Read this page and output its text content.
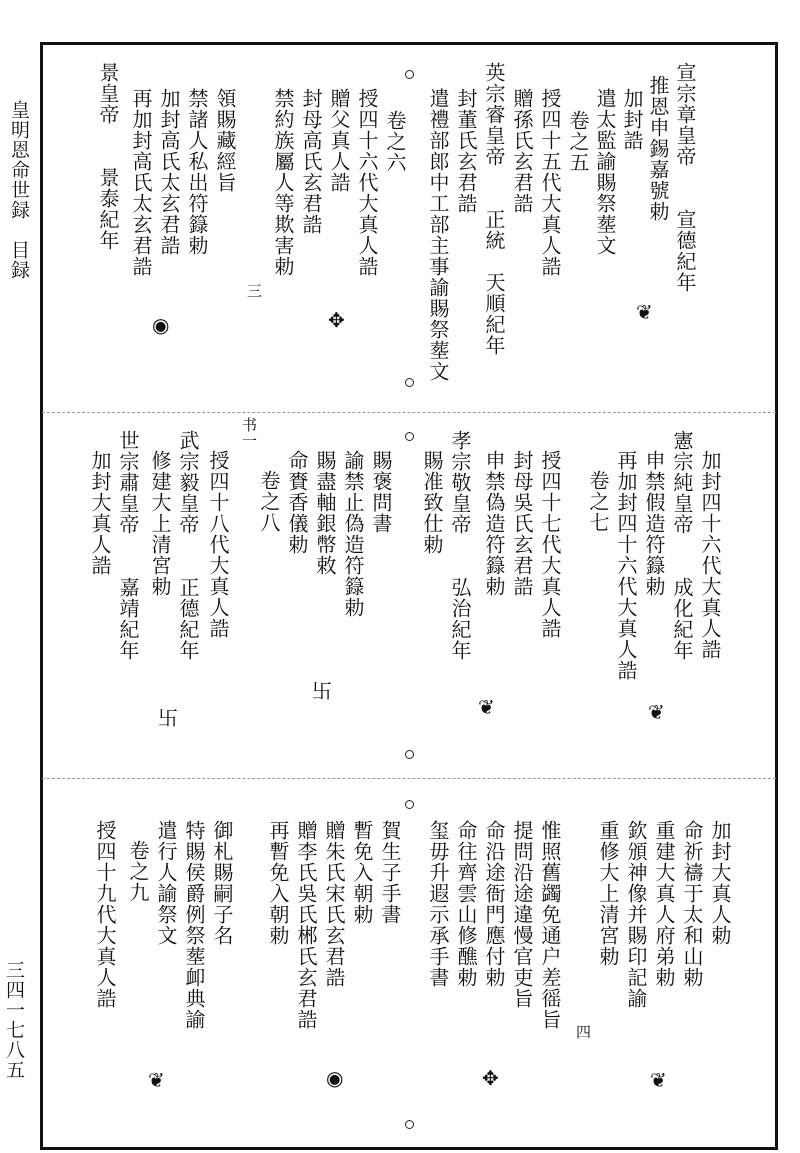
皇明恩命世録　目録
三四一七八五
宣宗章皇帝　　宣德紀年
推恩申錫嘉號勅
加封誥
遣太監諭賜祭塟文
卷之五
授四十五代大真人誥
贈孫氏玄君誥
英宗睿皇帝　　正統　天順紀年
封董氏玄君誥
遣禮部郎中工部主事諭賜祭塟文
卷之六
授四十六代大真人誥
贈父真人誥
封母高氏玄君誥
禁約族屬人等欺害勅
領賜藏經旨
禁諸人私出符籙勅
加封高氏太玄君誥
再加封高氏太玄君誥
景皇帝　　景泰紀年
三
❦
✥
◉
加封四十六代大真人誥
憲宗純皇帝　　成化紀年
申禁假造符籙勅
再加封四十六代大真人誥
卷之七
授四十七代大真人誥
封母吳氏玄君誥
申禁偽造符籙勅
孝宗敬皇帝　　弘治紀年
賜准致仕勅
賜褒問書
諭禁止偽造符籙勅
賜盡軸銀幣敕
命賚香儀勅
卷之八
授四十八代大真人誥
武宗毅皇帝　　正德紀年
修建大上清宮勅
世宗肅皇帝　　嘉靖紀年
加封大真人誥
书一
❦
❦
卐
卐
加封大真人勅
命祈禱于太和山勅
重建大真人府弟勅
欽頒神像并賜印記諭
重修大上清宮勅
惟照舊蠲免通户差徭旨
提問沿途違慢官吏旨
命沿途衙門應付勅
命往齊雲山修醮勅
玺毋升遐示承手書
賀生子手書
暫免入朝勅
贈朱氏宋氏玄君誥
贈李氏吳氏郴氏玄君誥
再暫免入朝勅
御札賜嗣子名
特賜侯爵例祭塟卹典諭
遣行人諭祭文
卷之九
授四十九代大真人誥
四
❦
✥
◉
❦
